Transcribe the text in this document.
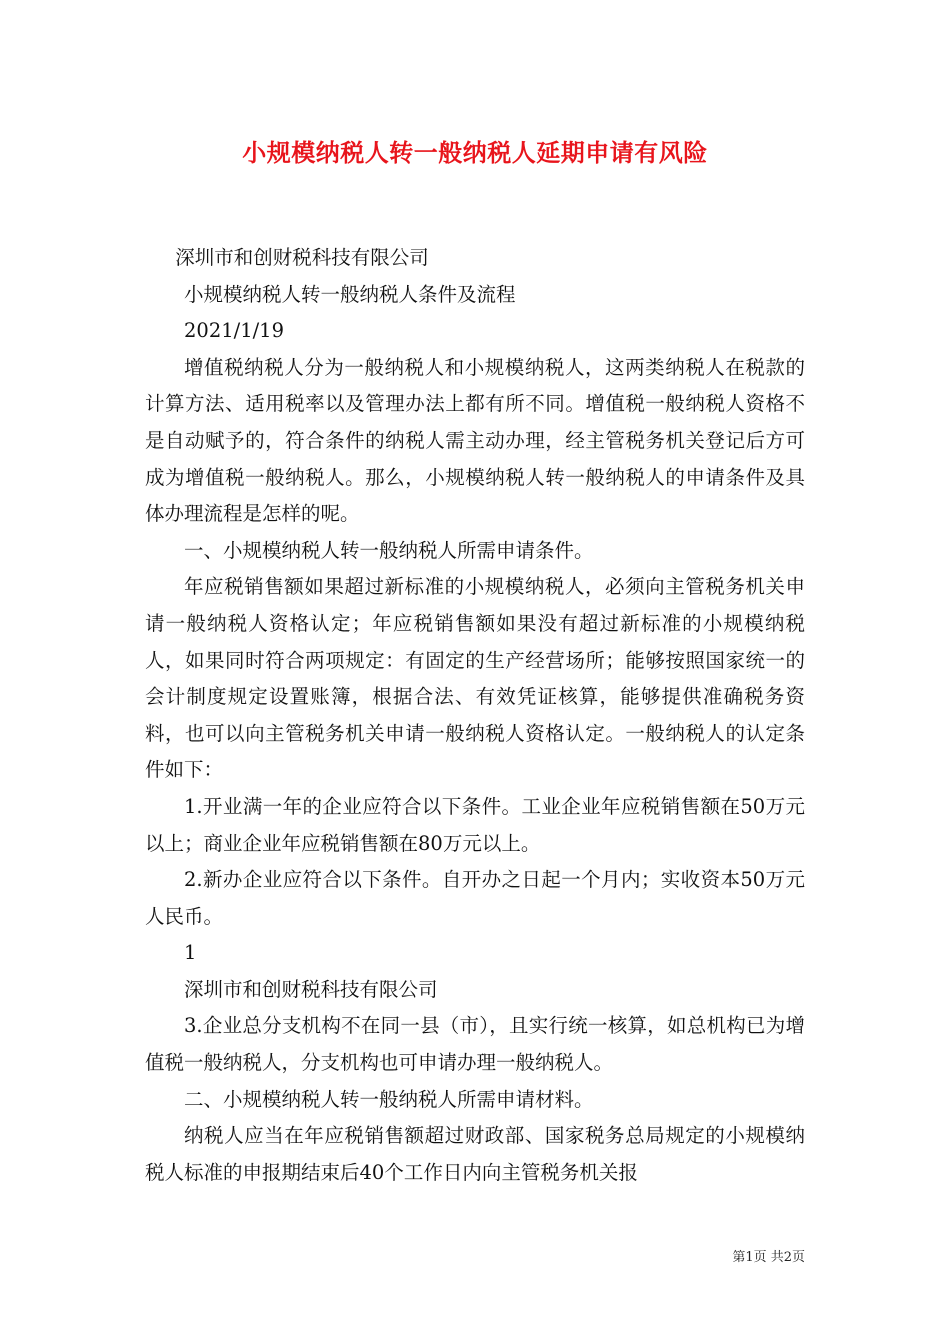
小规模纳税人转一般纳税人延期申请有风险

深圳市和创财税科技有限公司

小规模纳税人转一般纳税人条件及流程

2021/1/19

增值税纳税人分为一般纳税人和小规模纳税人，这两类纳税人在税款的计算方法、适用税率以及管理办法上都有所不同。增值税一般纳税人资格不是自动赋予的，符合条件的纳税人需主动办理，经主管税务机关登记后方可成为增值税一般纳税人。那么，小规模纳税人转一般纳税人的申请条件及具体办理流程是怎样的呢。

一、小规模纳税人转一般纳税人所需申请条件。

年应税销售额如果超过新标准的小规模纳税人，必须向主管税务机关申请一般纳税人资格认定；年应税销售额如果没有超过新标准的小规模纳税人，如果同时符合两项规定：有固定的生产经营场所；能够按照国家统一的会计制度规定设置账簿，根据合法、有效凭证核算，能够提供准确税务资料，也可以向主管税务机关申请一般纳税人资格认定。一般纳税人的认定条件如下：

1.开业满一年的企业应符合以下条件。工业企业年应税销售额在50万元以上；商业企业年应税销售额在80万元以上。

2.新办企业应符合以下条件。自开办之日起一个月内；实收资本50万元人民币。

1

深圳市和创财税科技有限公司

3.企业总分支机构不在同一县（市），且实行统一核算，如总机构已为增值税一般纳税人，分支机构也可申请办理一般纳税人。

二、小规模纳税人转一般纳税人所需申请材料。

纳税人应当在年应税销售额超过财政部、国家税务总局规定的小规模纳税人标准的申报期结束后40个工作日内向主管税务机关报

第1页 共2页
